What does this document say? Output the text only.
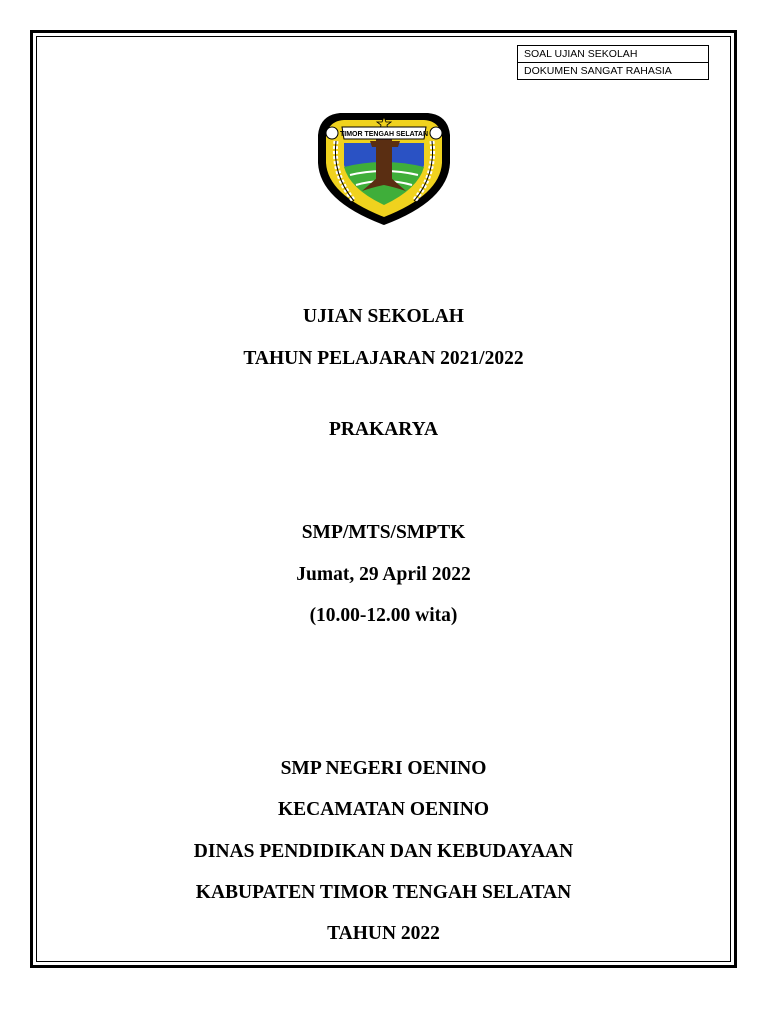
SOAL UJIAN SEKOLAH
DOKUMEN SANGAT RAHASIA
TIMOR TENGAH SELATAN
UJIAN SEKOLAH
TAHUN PELAJARAN 2021/2022
PRAKARYA
SMP/MTS/SMPTK
Jumat, 29 April 2022
(10.00-12.00 wita)
SMP NEGERI OENINO
KECAMATAN OENINO
DINAS PENDIDIKAN DAN KEBUDAYAAN
KABUPATEN TIMOR TENGAH SELATAN
TAHUN 2022
